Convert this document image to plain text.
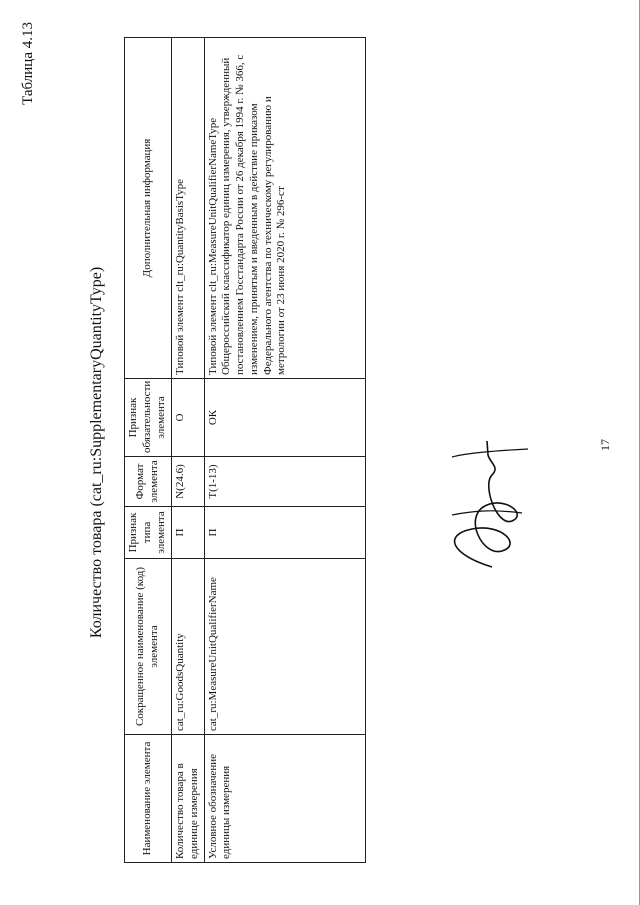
Таблица 4.13
17
Количество товара (cat_ru:SupplementaryQuantityType)
Наименование элемента	Сокращенное наименование (код) элемента	Признак типа элемента	Формат элемента	Признак обязательности элемента	Дополнительная информация
Количество товара в единице измерения	cat_ru:GoodsQuantity	П	N(24.6)	О	Типовой элемент clt_ru:QuantityBasisType
Условное обозначение единицы измерения	cat_ru:MeasureUnitQualifierName	П	T(1-13)	ОК	Типовой элемент clt_ru:MeasureUnitQualifierNameType Общероссийский классификатор единиц измерения, утвержденный постановлением Госстандарта России от 26 декабря 1994 г. № 366, с изменением, принятым и введенным в действие приказом Федерального агентства по техническому регулированию и метрологии от 23 июня 2020 г. № 296-ст
